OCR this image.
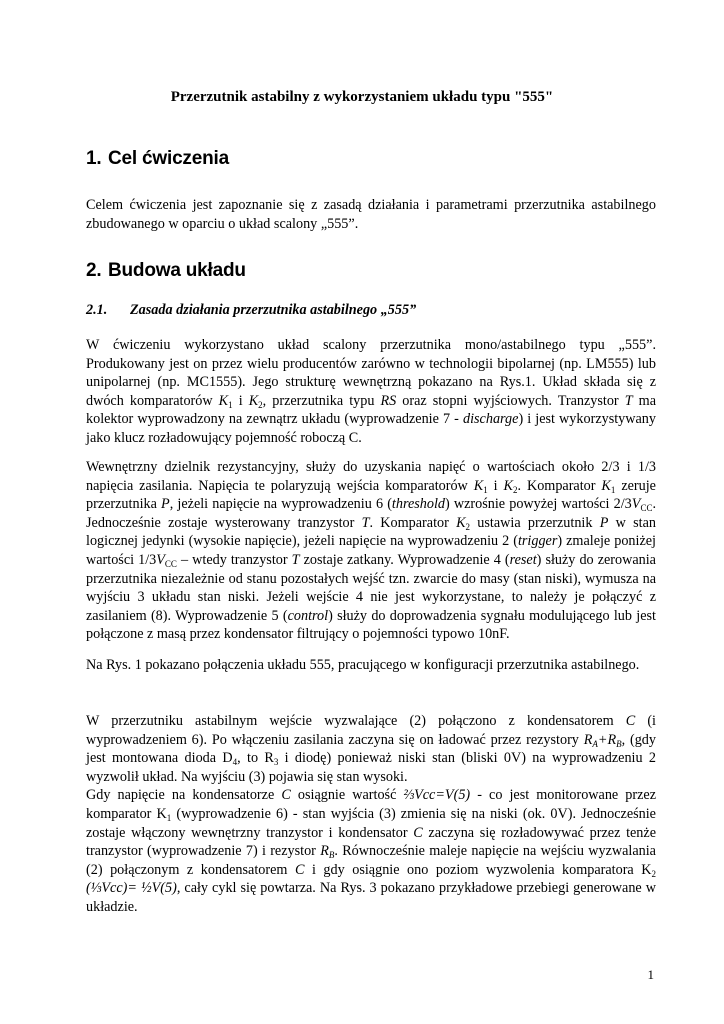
Przerzutnik astabilny z wykorzystaniem układu typu "555"
1. Cel ćwiczenia
Celem ćwiczenia jest zapoznanie się z zasadą działania i parametrami przerzutnika astabilnego zbudowanego w oparciu o układ scalony „555”.
2. Budowa układu
2.1. Zasada działania przerzutnika astabilnego „555”
W ćwiczeniu wykorzystano układ scalony przerzutnika mono/astabilnego typu „555”. Produkowany jest on przez wielu producentów zarówno w technologii bipolarnej (np. LM555) lub unipolarnej (np. MC1555). Jego strukturę wewnętrzną pokazano na Rys.1. Układ składa się z dwóch komparatorów $K_1$ i $K_2$, przerzutnika typu RS oraz stopni wyjściowych. Tranzystor T ma kolektor wyprowadzony na zewnątrz układu (wyprowadzenie 7 - discharge) i jest wykorzystywany jako klucz rozładowujący pojemność roboczą C.
Wewnętrzny dzielnik rezystancyjny, służy do uzyskania napięć o wartościach około 2/3 i 1/3 napięcia zasilania. Napięcia te polaryzują wejścia komparatorów $K_1$ i $K_2$. Komparator $K_1$ zeruje przerzutnika P, jeżeli napięcie na wyprowadzeniu 6 (threshold) wzrośnie powyżej wartości $2/3V_{CC}$. Jednocześnie zostaje wysterowany tranzystor T. Komparator $K_2$ ustawia przerzutnik P w stan logicznej jedynki (wysokie napięcie), jeżeli napięcie na wyprowadzeniu 2 (trigger) zmaleje poniżej wartości $1/3V_{CC}$ – wtedy tranzystor T zostaje zatkany. Wyprowadzenie 4 (reset) służy do zerowania przerzutnika niezależnie od stanu pozostałych wejść tzn. zwarcie do masy (stan niski), wymusza na wyjściu 3 układu stan niski. Jeżeli wejście 4 nie jest wykorzystane, to należy je połączyć z zasilaniem (8). Wyprowadzenie 5 (control) służy do doprowadzenia sygnału modulującego lub jest połączone z masą przez kondensator filtrujący o pojemności typowo 10nF.
Na Rys. 1 pokazano połączenia układu 555, pracującego w konfiguracji przerzutnika astabilnego.
W przerzutniku astabilnym wejście wyzwalające (2) połączono z kondensatorem C (i wyprowadzeniem 6). Po włączeniu zasilania zaczyna się on ładować przez rezystory $R_A+R_B$, (gdy jest montowana dioda $D_4$, to $R_3$ i diodę) ponieważ niski stan (bliski 0V) na wyprowadzeniu 2 wyzwolił układ. Na wyjściu (3) pojawia się stan wysoki.
Gdy napięcie na kondensatorze C osiągnie wartość ⅔Vcc=V(5) - co jest monitorowane przez komparator $K_1$ (wyprowadzenie 6) - stan wyjścia (3) zmienia się na niski (ok. 0V). Jednocześnie zostaje włączony wewnętrzny tranzystor i kondensator C zaczyna się rozładowywać przez tenże tranzystor (wyprowadzenie 7) i rezystor $R_B$. Równocześnie maleje napięcie na wejściu wyzwalania (2) połączonym z kondensatorem C i gdy osiągnie ono poziom wyzwolenia komparatora $K_2$ (⅓Vcc)= ½V(5), cały cykl się powtarza. Na Rys. 3 pokazano przykładowe przebiegi generowane w układzie.
1
